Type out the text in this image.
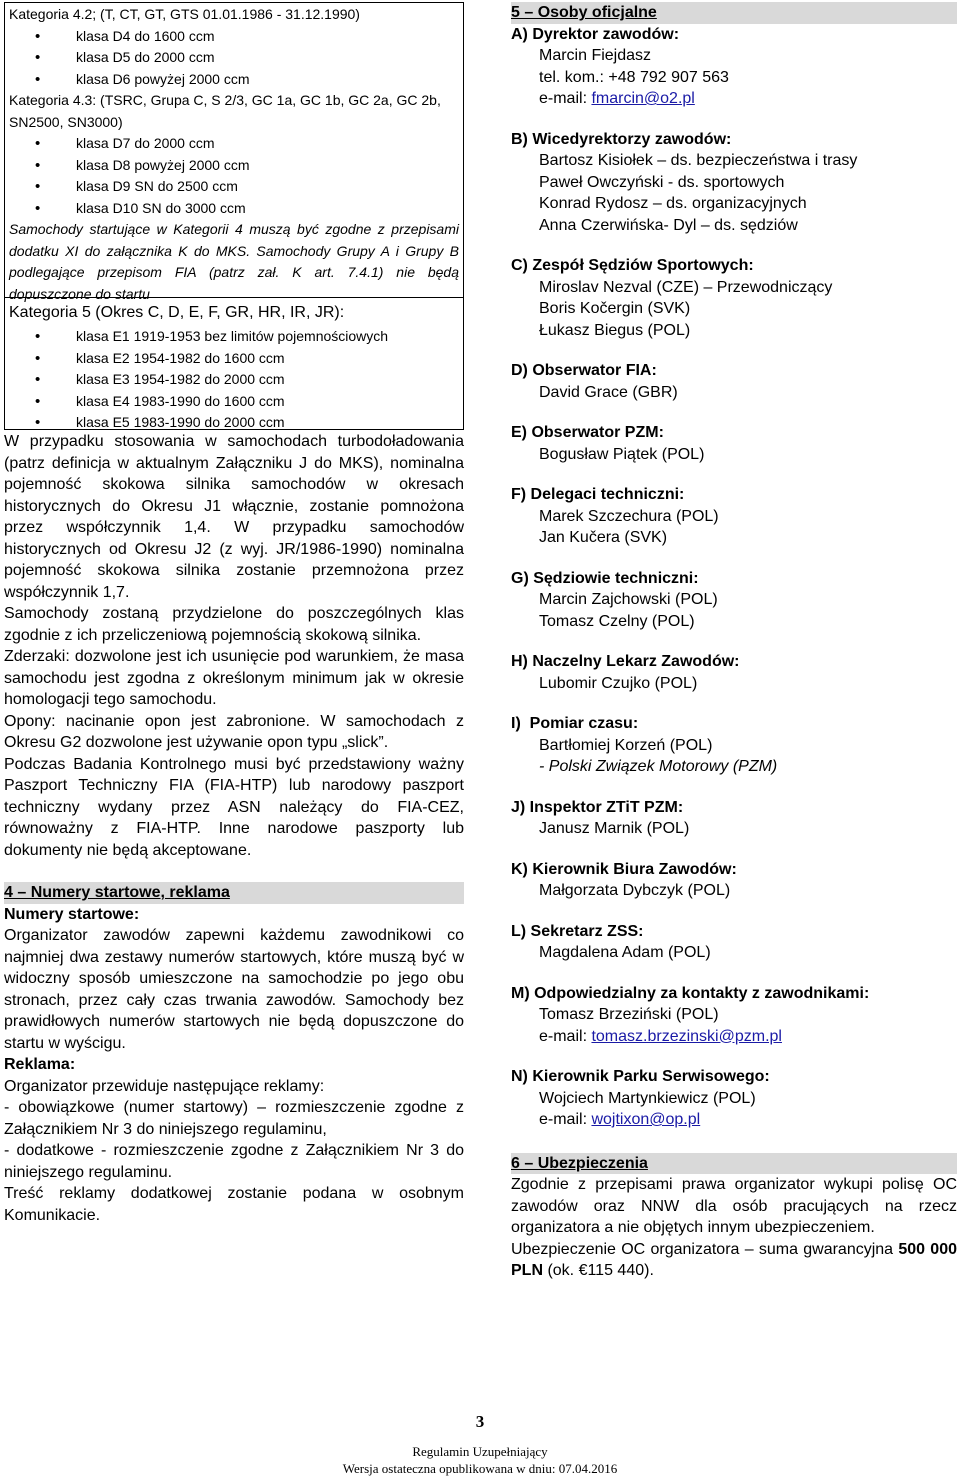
Kategoria 4.2; (T, CT, GT, GTS 01.01.1986 - 31.12.1990)
• klasa D4 do 1600 ccm
• klasa D5 do 2000 ccm
• klasa D6 powyżej 2000 ccm
Kategoria 4.3: (TSRC, Grupa C, S 2/3, GC 1a, GC 1b, GC 2a, GC 2b, SN2500, SN3000)
• klasa D7 do 2000 ccm
• klasa D8 powyżej 2000 ccm
• klasa D9 SN do 2500 ccm
• klasa D10 SN do 3000 ccm
Samochody startujące w Kategorii 4 muszą być zgodne z przepisami dodatku XI do załącznika K do MKS. Samochody Grupy A i Grupy B podlegające przepisom FIA (patrz zał. K art. 7.4.1) nie będą dopuszczone do startu
Kategoria 5 (Okres C, D, E, F, GR, HR, IR, JR):
• klasa E1 1919-1953 bez limitów pojemnościowych
• klasa E2 1954-1982 do 1600 ccm
• klasa E3 1954-1982 do 2000 ccm
• klasa E4 1983-1990 do 1600 ccm
• klasa E5 1983-1990 do 2000 ccm

W przypadku stosowania w samochodach turbodoładowania (patrz definicja w aktualnym Załączniku J do MKS), nominalna pojemność skokowa silnika samochodów w okresach historycznych do Okresu J1 włącznie, zostanie pomnożona przez współczynnik 1,4. W przypadku samochodów historycznych od Okresu J2 (z wyj. JR/1986-1990) nominalna pojemność skokowa silnika zostanie przemnożona przez współczynnik 1,7.

Samochody zostaną przydzielone do poszczególnych klas zgodnie z ich przeliczeniową pojemnością skokową silnika.

Zderzaki: dozwolone jest ich usunięcie pod warunkiem, że masa samochodu jest zgodna z określonym minimum jak w okresie homologacji tego samochodu.

Opony: nacinanie opon jest zabronione. W samochodach z Okresu G2 dozwolone jest używanie opon typu „slick”.

Podczas Badania Kontrolnego musi być przedstawiony ważny Paszport Techniczny FIA (FIA-HTP) lub narodowy paszport techniczny wydany przez ASN należący do FIA-CEZ, równoważny z FIA-HTP. Inne narodowe paszporty lub dokumenty nie będą akceptowane.

4 – Numery startowe, reklama
Numery startowe:

Organizator zawodów zapewni każdemu zawodnikowi co najmniej dwa zestawy numerów startowych, które muszą być w widoczny sposób umieszczone na samochodzie po jego obu stronach, przez cały czas trwania zawodów. Samochody bez prawidłowych numerów startowych nie będą dopuszczone do startu w wyścigu.

Reklama:

Organizator przewiduje następujące reklamy:

- obowiązkowe (numer startowy) – rozmieszczenie zgodne z Załącznikiem Nr 3 do niniejszego regulaminu,

- dodatkowe - rozmieszczenie zgodne z Załącznikiem Nr 3 do niniejszego regulaminu.

Treść reklamy dodatkowej zostanie podana w osobnym Komunikacie.

5 – Osoby oficjalne
A) Dyrektor zawodów:
Marcin Fiejdasz
tel. kom.: +48 792 907 563
e-mail: fmarcin@o2.pl
B) Wicedyrektorzy zawodów:
Bartosz Kisiołek – ds. bezpieczeństwa i trasy
Paweł Owczyński - ds. sportowych
Konrad Rydosz – ds. organizacyjnych
Anna Czerwińska- Dyl – ds. sędziów
C) Zespół Sędziów Sportowych:
Miroslav Nezval (CZE) – Przewodniczący
Boris Kočergin (SVK)
Łukasz Biegus (POL)
D) Obserwator FIA:
David Grace (GBR)
E) Obserwator PZM:
Bogusław Piątek (POL)
F) Delegaci techniczni:
Marek Szczechura (POL)
Jan Kučera (SVK)
G) Sędziowie techniczni:
Marcin Zajchowski (POL)
Tomasz Czelny (POL)
H) Naczelny Lekarz Zawodów:
Lubomir Czujko (POL)
I)  Pomiar czasu:
Bartłomiej Korzeń (POL)
- Polski Związek Motorowy (PZM)
J) Inspektor ZTiT PZM:
Janusz Marnik (POL)
K) Kierownik Biura Zawodów:
Małgorzata Dybczyk (POL)
L) Sekretarz ZSS:
Magdalena Adam (POL)
M) Odpowiedzialny za kontakty z zawodnikami:
Tomasz Brzeziński (POL)
e-mail: tomasz.brzezinski@pzm.pl
N) Kierownik Parku Serwisowego:
Wojciech Martynkiewicz (POL)
e-mail: wojtixon@op.pl
6 – Ubezpieczenia

Zgodnie z przepisami prawa organizator wykupi polisę OC zawodów oraz NNW dla osób pracujących na rzecz organizatora a nie objętych innym ubezpieczeniem.

Ubezpieczenie OC organizatora – suma gwarancyjna 500 000 PLN (ok. €115 440).

3
Regulamin Uzupełniający
Wersja ostateczna opublikowana w dniu: 07.04.2016
